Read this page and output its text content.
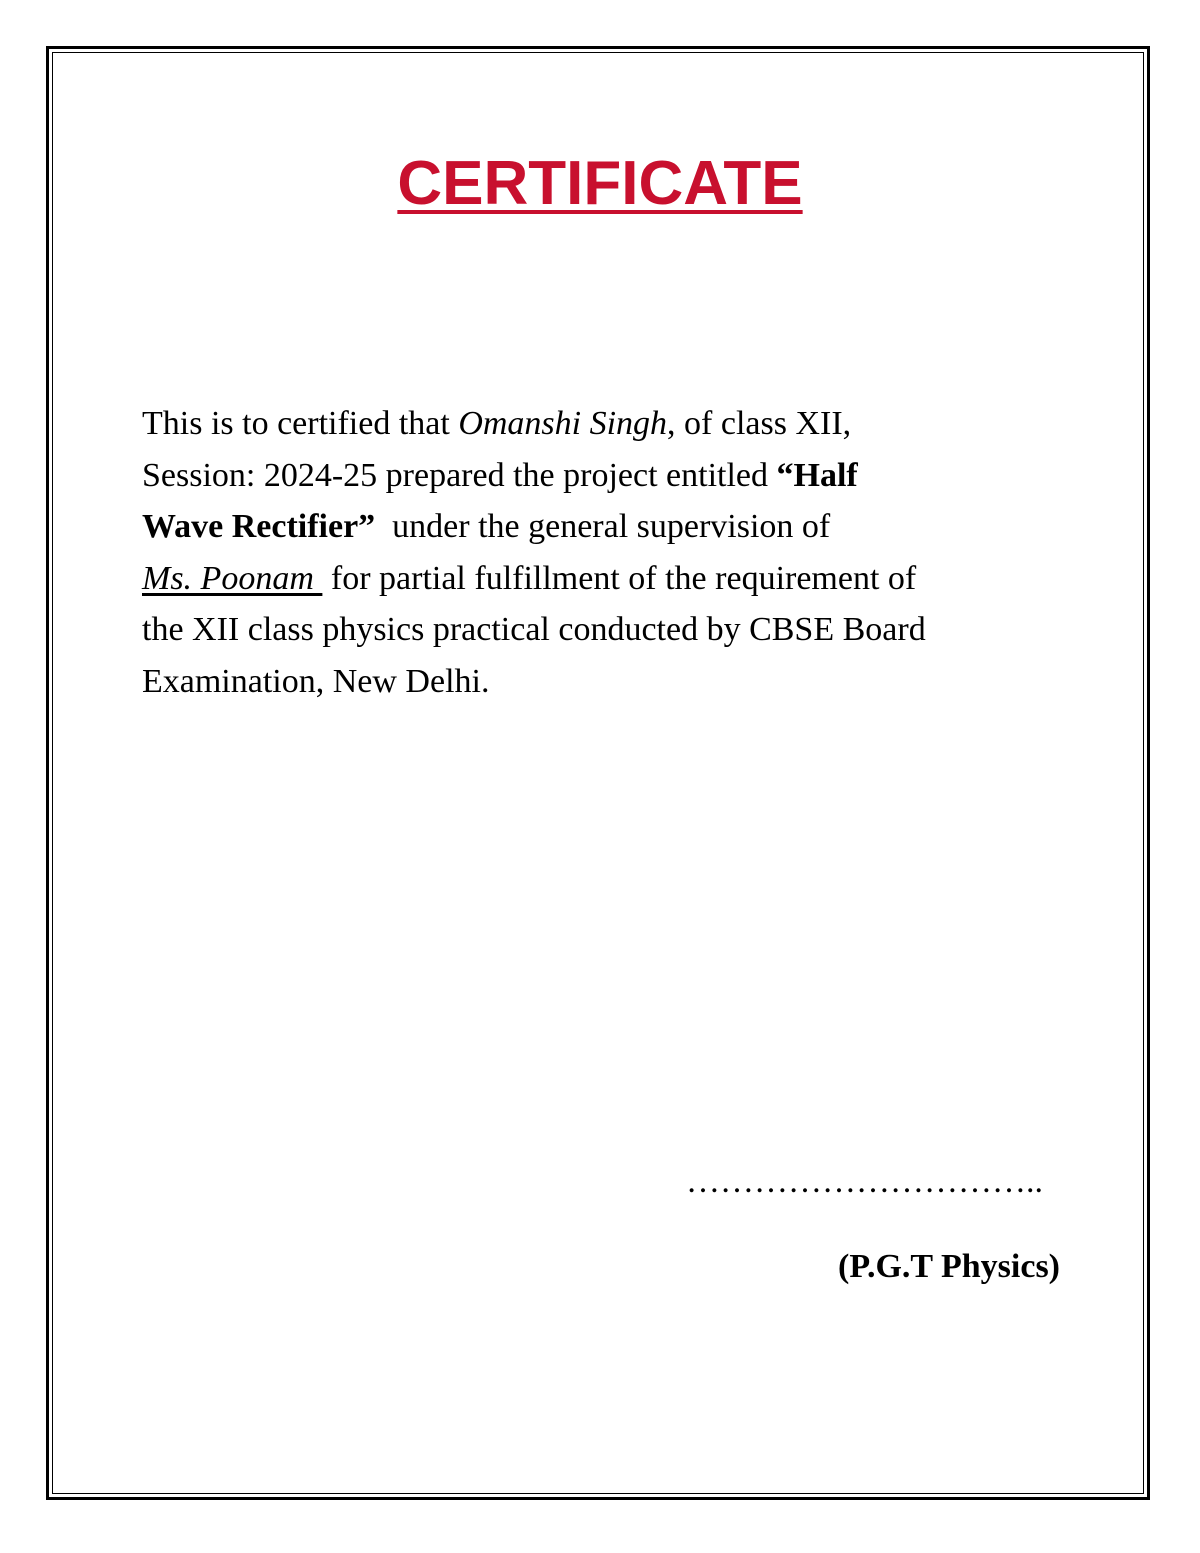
CERTIFICATE
This is to certified that Omanshi Singh, of class XII,
Session: 2024-25 prepared the project entitled “Half
Wave Rectifier”  under the general supervision of
Ms. Poonam  for partial fulfillment of the requirement of
the XII class physics practical conducted by CBSE Board
Examination, New Delhi.
…………………………..
(P.G.T Physics)
